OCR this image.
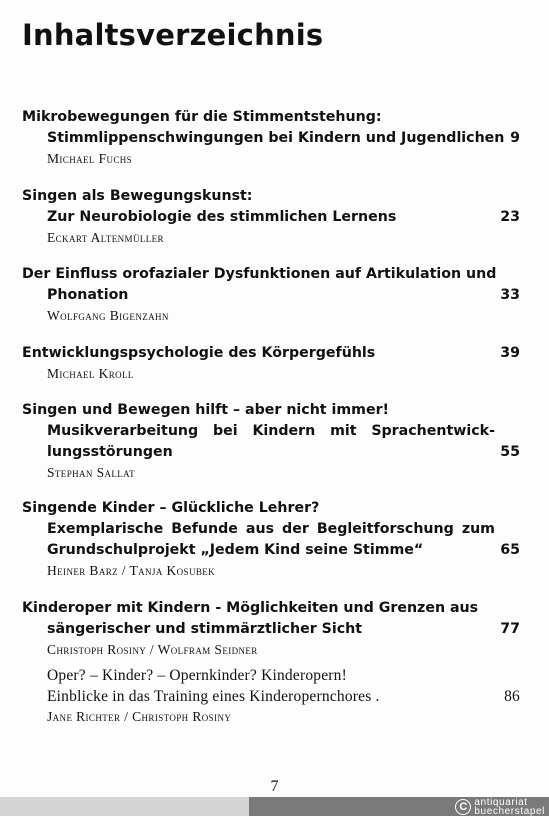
Inhaltsverzeichnis
Mikrobewegungen für die Stimmentstehung:
Stimmlippenschwingungen bei Kindern und Jugendlichen 9
Michael Fuchs
Singen als Bewegungskunst:
Zur Neurobiologie des stimmlichen Lernens	23
Eckart Altenmüller
Der Einfluss orofazialer Dysfunktionen auf Artikulation und
Phonation	33
Wolfgang Bigenzahn
Entwicklungspsychologie des Körpergefühls	39
Michael Kroll
Singen und Bewegen hilft – aber nicht immer!
Musikverarbeitung bei Kindern mit Sprachentwick-
lungsstörungen	55
Stephan Sallat
Singende Kinder – Glückliche Lehrer?
Exemplarische Befunde aus der Begleitforschung zum
Grundschulprojekt „Jedem Kind seine Stimme“	65
Heiner Barz / Tanja Kosubek
Kinderoper mit Kindern - Möglichkeiten und Grenzen aus
sängerischer und stimmärztlicher Sicht	77
Christoph Rosiny / Wolfram Seidner
Oper? – Kinder? – Opernkinder? Kinderopern!
Einblicke in das Training eines Kinderopernchores .	86
Jane Richter / Christoph Rosiny
7
C antiquariat
buecherstapel
